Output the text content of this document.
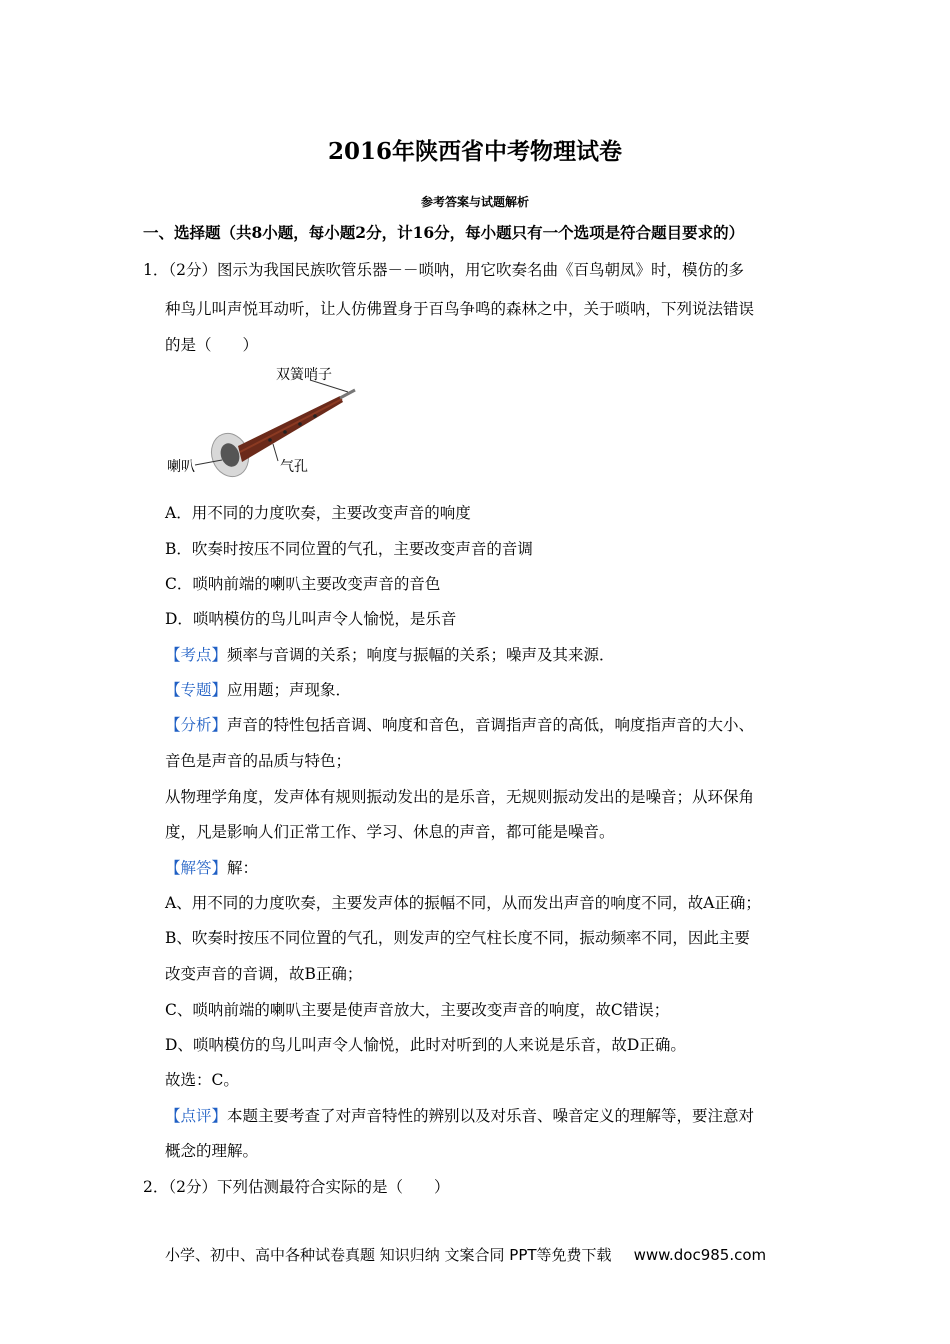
2016年陕西省中考物理试卷
参考答案与试题解析
一、选择题（共8小题，每小题2分，计16分，每小题只有一个选项是符合题目要求的）
1．（2分）图示为我国民族吹管乐器－－唢呐，用它吹奏名曲《百鸟朝凤》时，模仿的多
种鸟儿叫声悦耳动听，让人仿佛置身于百鸟争鸣的森林之中，关于唢呐，下列说法错误
的是（　　）
双簧哨子
喇叭	气孔
A．用不同的力度吹奏，主要改变声音的响度
B．吹奏时按压不同位置的气孔，主要改变声音的音调
C．唢呐前端的喇叭主要改变声音的音色
D．唢呐模仿的鸟儿叫声令人愉悦，是乐音
【考点】频率与音调的关系；响度与振幅的关系；噪声及其来源．
【专题】应用题；声现象．
【分析】声音的特性包括音调、响度和音色，音调指声音的高低，响度指声音的大小、
音色是声音的品质与特色；
从物理学角度，发声体有规则振动发出的是乐音，无规则振动发出的是噪音；从环保角
度，凡是影响人们正常工作、学习、休息的声音，都可能是噪音。
【解答】解：
A、用不同的力度吹奏，主要发声体的振幅不同，从而发出声音的响度不同，故A正确；
B、吹奏时按压不同位置的气孔，则发声的空气柱长度不同，振动频率不同，因此主要
改变声音的音调，故B正确；
C、唢呐前端的喇叭主要是使声音放大，主要改变声音的响度，故C错误；
D、唢呐模仿的鸟儿叫声令人愉悦，此时对听到的人来说是乐音，故D正确。
故选：C。
【点评】本题主要考查了对声音特性的辨别以及对乐音、噪音定义的理解等，要注意对
概念的理解。
2．（2分）下列估测最符合实际的是（　　）
小学、初中、高中各种试卷真题 知识归纳 文案合同 PPT等免费下载 www.doc985.com
